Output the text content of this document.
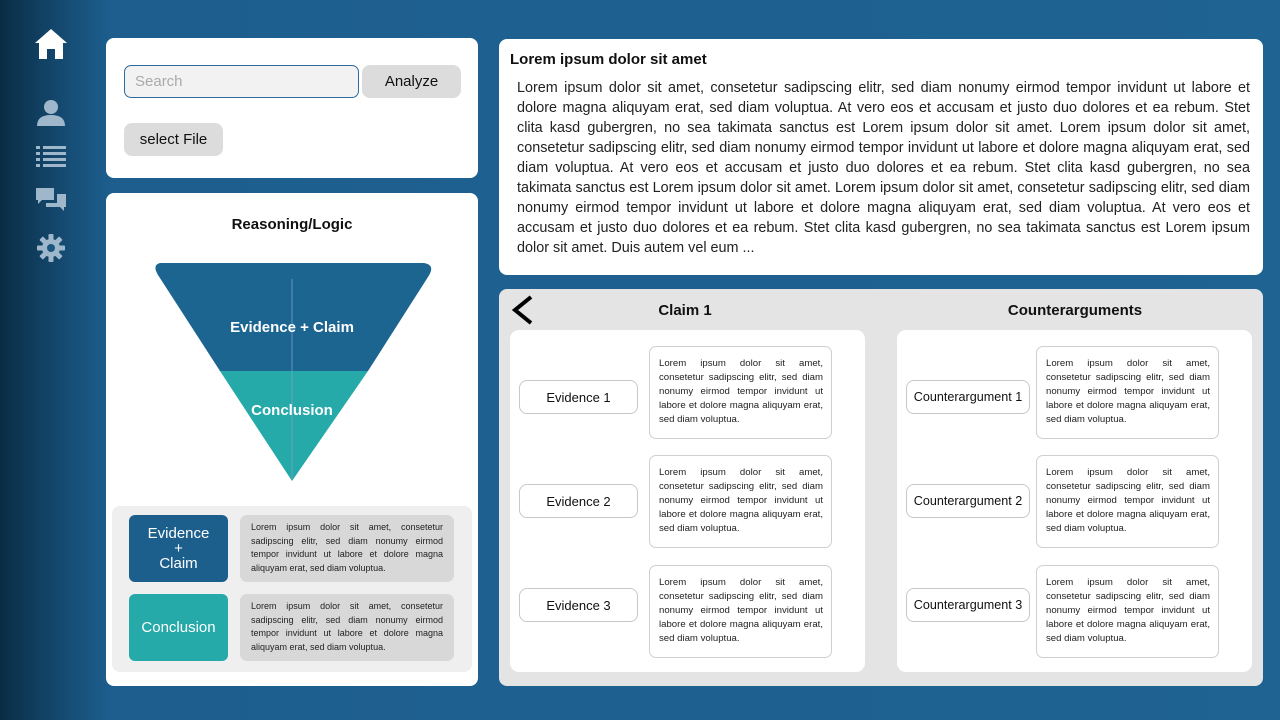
Search
Analyze
select File
Reasoning/Logic
Evidence + Claim
Conclusion
Evidence
+
Claim
Lorem ipsum dolor sit amet, consetetur sadipscing elitr, sed diam nonumy eirmod tempor invidunt ut labore et dolore magna aliquyam erat, sed diam voluptua.
Conclusion
Lorem ipsum dolor sit amet, consetetur sadipscing elitr, sed diam nonumy eirmod tempor invidunt ut labore et dolore magna aliquyam erat, sed diam voluptua.
Lorem ipsum dolor sit amet
Lorem ipsum dolor sit amet, consetetur sadipscing elitr, sed diam nonumy eirmod tempor invidunt ut labore et dolore magna aliquyam erat, sed diam voluptua. At vero eos et accusam et justo duo dolores et ea rebum. Stet clita kasd gubergren, no sea takimata sanctus est Lorem ipsum dolor sit amet. Lorem ipsum dolor sit amet, consetetur sadipscing elitr, sed diam nonumy eirmod tempor invidunt ut labore et dolore magna aliquyam erat, sed diam voluptua. At vero eos et accusam et justo duo dolores et ea rebum. Stet clita kasd gubergren, no sea takimata sanctus est Lorem ipsum dolor sit amet. Lorem ipsum dolor sit amet, consetetur sadipscing elitr, sed diam nonumy eirmod tempor invidunt ut labore et dolore magna aliquyam erat, sed diam voluptua. At vero eos et accusam et justo duo dolores et ea rebum. Stet clita kasd gubergren, no sea takimata sanctus est Lorem ipsum dolor sit amet. Duis autem vel eum ...
Claim 1	Counterarguments
Evidence 1
Lorem ipsum dolor sit amet, consetetur sadipscing elitr, sed diam nonumy eirmod tempor invidunt ut labore et dolore magna aliquyam erat, sed diam voluptua.
Evidence 2
Lorem ipsum dolor sit amet, consetetur sadipscing elitr, sed diam nonumy eirmod tempor invidunt ut labore et dolore magna aliquyam erat, sed diam voluptua.
Evidence 3
Lorem ipsum dolor sit amet, consetetur sadipscing elitr, sed diam nonumy eirmod tempor invidunt ut labore et dolore magna aliquyam erat, sed diam voluptua.
Counterargument 1
Lorem ipsum dolor sit amet, consetetur sadipscing elitr, sed diam nonumy eirmod tempor invidunt ut labore et dolore magna aliquyam erat, sed diam voluptua.
Counterargument 2
Lorem ipsum dolor sit amet, consetetur sadipscing elitr, sed diam nonumy eirmod tempor invidunt ut labore et dolore magna aliquyam erat, sed diam voluptua.
Counterargument 3
Lorem ipsum dolor sit amet, consetetur sadipscing elitr, sed diam nonumy eirmod tempor invidunt ut labore et dolore magna aliquyam erat, sed diam voluptua.
